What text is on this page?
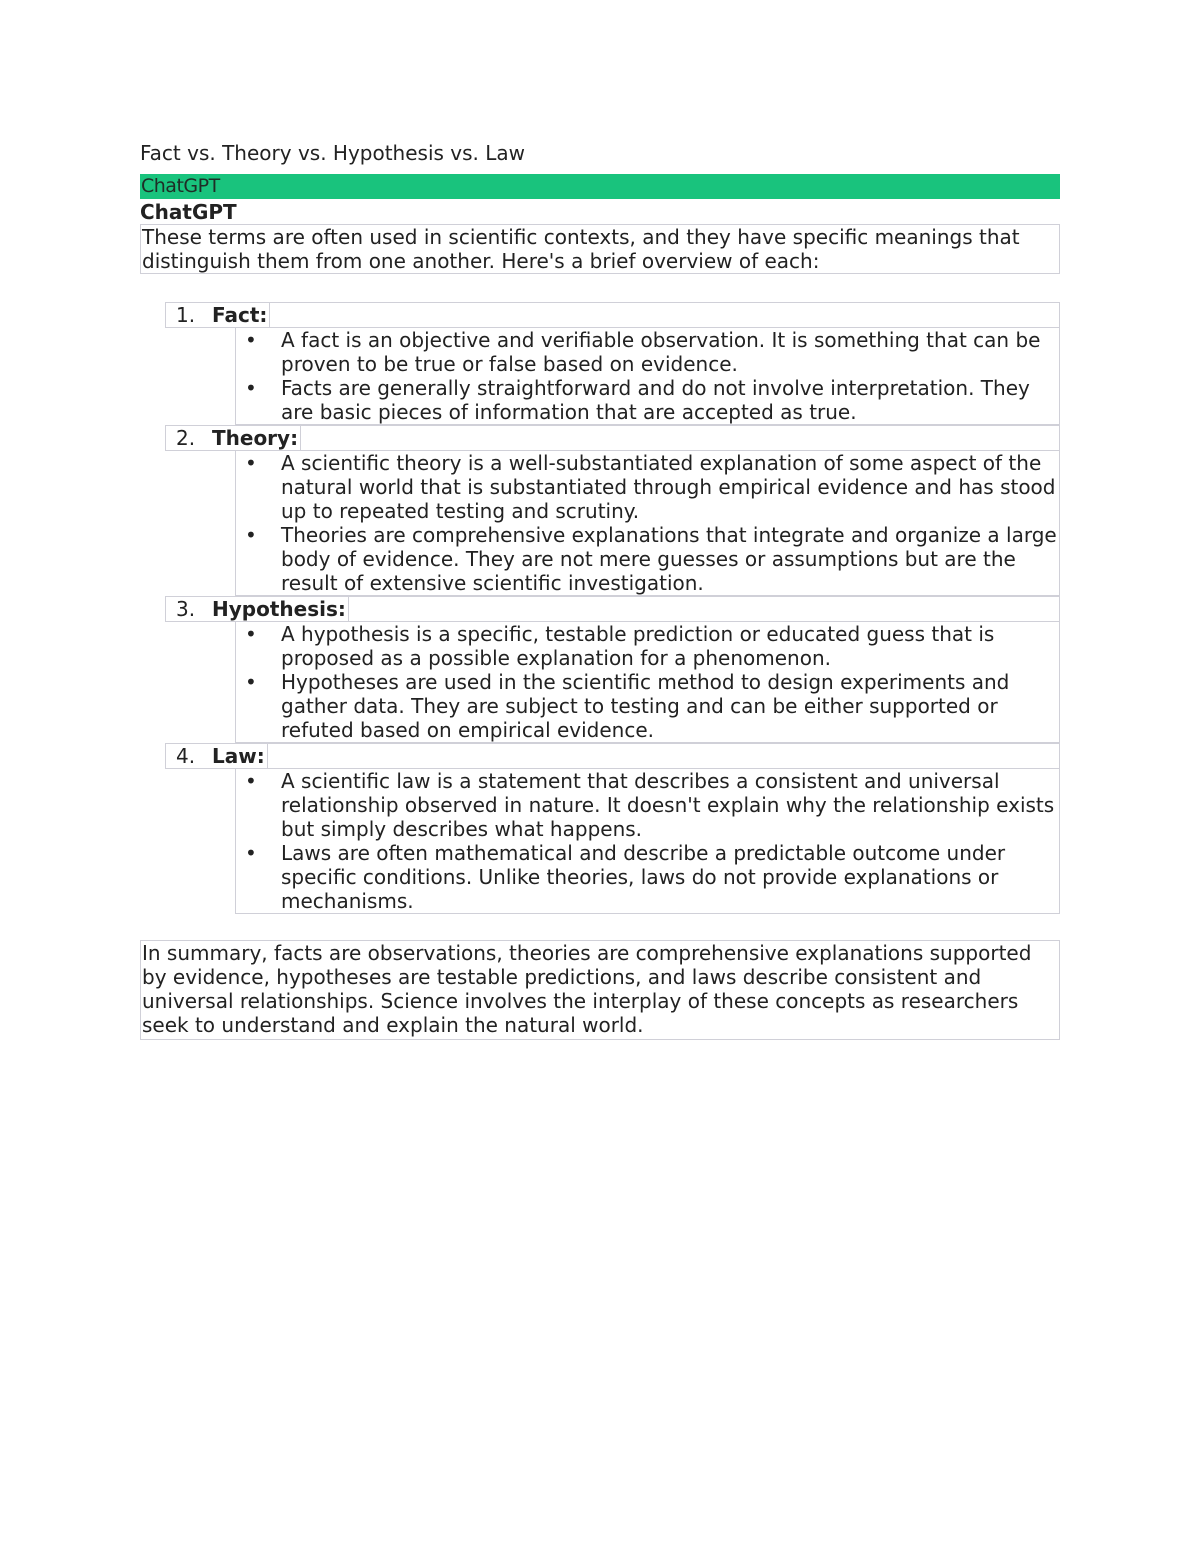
Fact vs. Theory vs. Hypothesis vs. Law
ChatGPT
ChatGPT
These terms are often used in scientific contexts, and they have specific meanings that distinguish them from one another. Here's a brief overview of each:
1. Fact:
• A fact is an objective and verifiable observation. It is something that can be proven to be true or false based on evidence.
• Facts are generally straightforward and do not involve interpretation. They are basic pieces of information that are accepted as true.
2. Theory:
• A scientific theory is a well-substantiated explanation of some aspect of the natural world that is substantiated through empirical evidence and has stood up to repeated testing and scrutiny.
• Theories are comprehensive explanations that integrate and organize a large body of evidence. They are not mere guesses or assumptions but are the result of extensive scientific investigation.
3. Hypothesis:
• A hypothesis is a specific, testable prediction or educated guess that is proposed as a possible explanation for a phenomenon.
• Hypotheses are used in the scientific method to design experiments and gather data. They are subject to testing and can be either supported or refuted based on empirical evidence.
4. Law:
• A scientific law is a statement that describes a consistent and universal relationship observed in nature. It doesn't explain why the relationship exists but simply describes what happens.
• Laws are often mathematical and describe a predictable outcome under specific conditions. Unlike theories, laws do not provide explanations or mechanisms.
In summary, facts are observations, theories are comprehensive explanations supported by evidence, hypotheses are testable predictions, and laws describe consistent and universal relationships. Science involves the interplay of these concepts as researchers seek to understand and explain the natural world.
